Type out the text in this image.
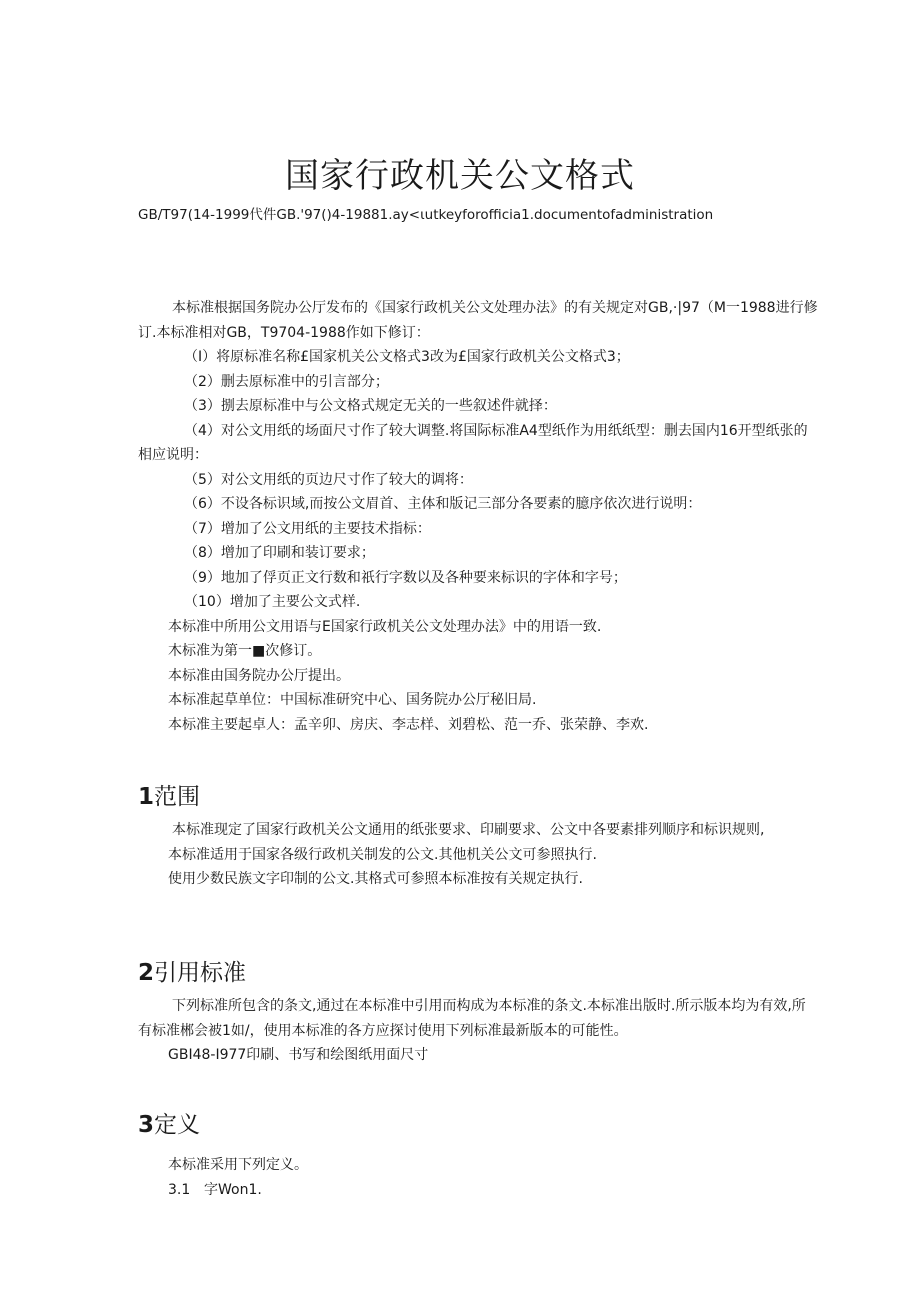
国家行政机关公文格式

GB/T97(14-1999代件GB.'97()4-19881.ay<ιutkeyforofficia1.documentofadministration

本标准根据国务院办公厅发布的《国家行政机关公文处理办法》的有关规定对GB,·|97（M一1988进行修订.本标准相对GB，T9704-1988作如下修订：

（I）将原标准名称£国家机关公文格式3改为£国家行政机关公文格式3；

（2）删去原标准中的引言部分；

（3）捌去原标准中与公文格式规定无关的一些叙述件就择：

（4）对公文用纸的场面尺寸作了较大调整.将国际标准A4型纸作为用纸纸型：删去国内16开型纸张的相应说明：

（5）对公文用纸的页边尺寸作了较大的调将：

（6）不设各标识域,而按公文眉首、主体和版记三部分各要素的臆序依次进行说明：

（7）增加了公文用纸的主要技术指标：

（8）增加了印刷和装订要求；

（9）地加了俘页正文行数和祇行字数以及各种要来标识的字体和字号；

（10）增加了主要公文式样.

本标准中所用公文用语与E国家行政机关公文处理办法》中的用语一致.

木标准为第一■次修订。

本标准由国务院办公厅提出。

本标准起草单位：中国标准研究中心、国务院办公厅秘旧局.

本标准主要起卓人：孟辛卯、房庆、李志样、刘碧松、范一乔、张荣静、李欢.

1范围

本标准现定了国家行政机关公文通用的纸张要求、印刷要求、公文中各要素排列顺序和标识规则,

本标准适用于国家各级行政机关制发的公文.其他机关公文可参照执行.

使用少数民族文字印制的公文.其格式可参照本标准按有关规定执行.

2引用标准

下列标准所包含的条文,通过在本标准中引用而构成为本标准的条文.本标准出版时.所示版本均为有效,所有标准郴会被1如/，使用本标准的各方应探讨使用下列标准最新版本的可能性。

GBI48-I977印刷、书写和绘图纸用面尺寸

3定义

本标准采用下列定义。

3.1 字Won1.
